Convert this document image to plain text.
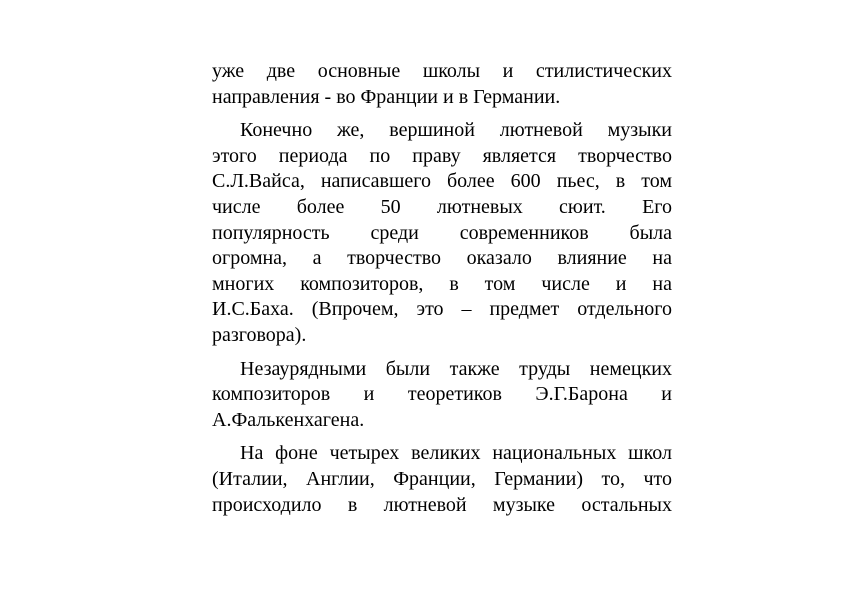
уже две основные школы и стилистических
направления - во Франции и в Германии.

Конечно же, вершиной лютневой музыки
этого периода по праву является творчество
С.Л.Вайса, написавшего более 600 пьес, в том
числе более 50 лютневых сюит. Его
популярность среди современников была
огромна, а творчество оказало влияние на
многих композиторов, в том числе и на
И.С.Баха. (Впрочем, это – предмет отдельного
разговора).

Незаурядными были также труды немецких
композиторов и теоретиков Э.Г.Барона и
А.Фалькенхагена.

На фоне четырех великих национальных школ
(Италии, Англии, Франции, Германии) то, что
происходило в лютневой музыке остальных
